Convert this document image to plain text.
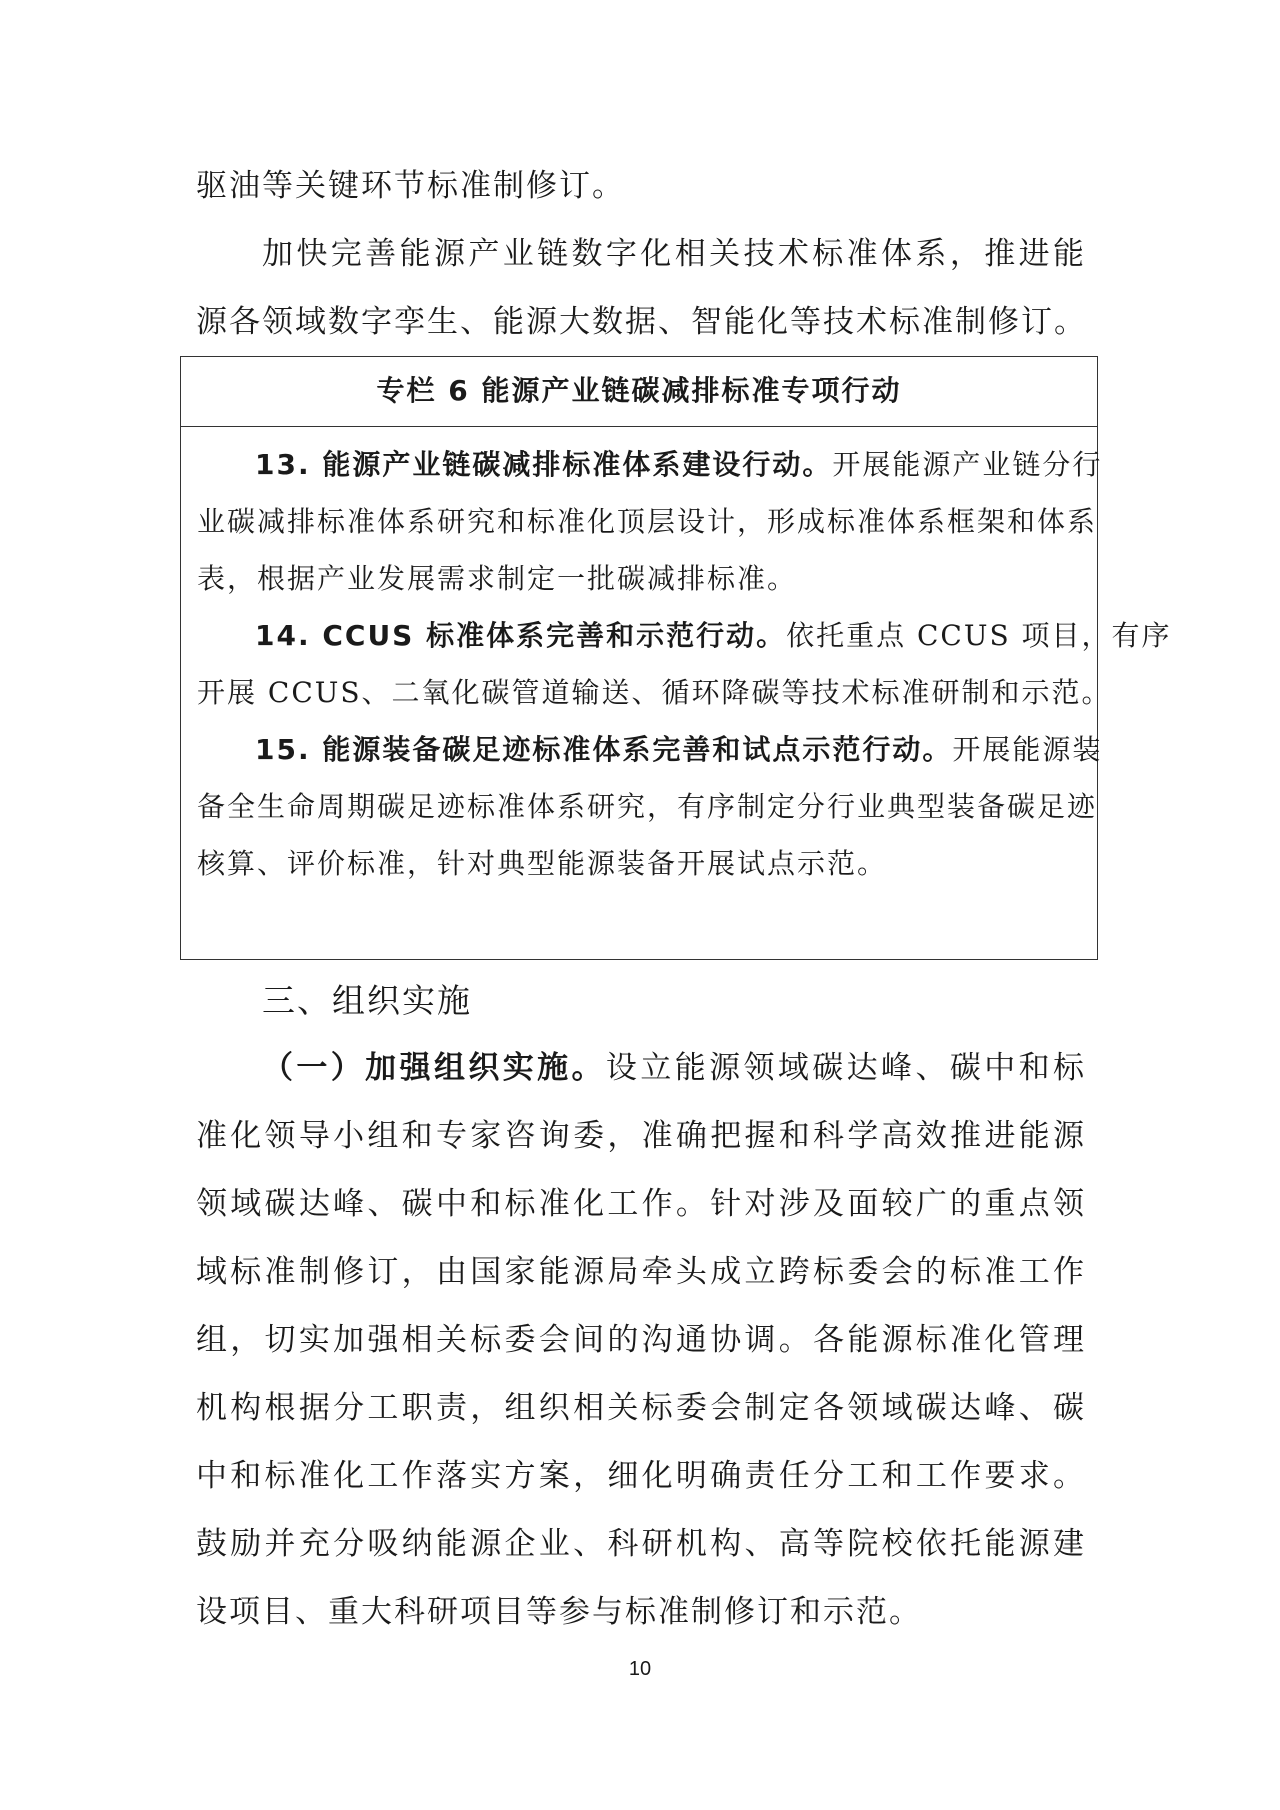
驱油等关键环节标准制修订。
加快完善能源产业链数字化相关技术标准体系，推进能
源各领域数字孪生、能源大数据、智能化等技术标准制修订。
专栏 6 能源产业链碳减排标准专项行动
13. 能源产业链碳减排标准体系建设行动。开展能源产业链分行
业碳减排标准体系研究和标准化顶层设计，形成标准体系框架和体系
表，根据产业发展需求制定一批碳减排标准。
14. CCUS 标准体系完善和示范行动。依托重点 CCUS 项目，有序
开展 CCUS、二氧化碳管道输送、循环降碳等技术标准研制和示范。
15. 能源装备碳足迹标准体系完善和试点示范行动。开展能源装
备全生命周期碳足迹标准体系研究，有序制定分行业典型装备碳足迹
核算、评价标准，针对典型能源装备开展试点示范。
三、组织实施
（一）加强组织实施。设立能源领域碳达峰、碳中和标
准化领导小组和专家咨询委，准确把握和科学高效推进能源
领域碳达峰、碳中和标准化工作。针对涉及面较广的重点领
域标准制修订，由国家能源局牵头成立跨标委会的标准工作
组，切实加强相关标委会间的沟通协调。各能源标准化管理
机构根据分工职责，组织相关标委会制定各领域碳达峰、碳
中和标准化工作落实方案，细化明确责任分工和工作要求。
鼓励并充分吸纳能源企业、科研机构、高等院校依托能源建
设项目、重大科研项目等参与标准制修订和示范。
10
